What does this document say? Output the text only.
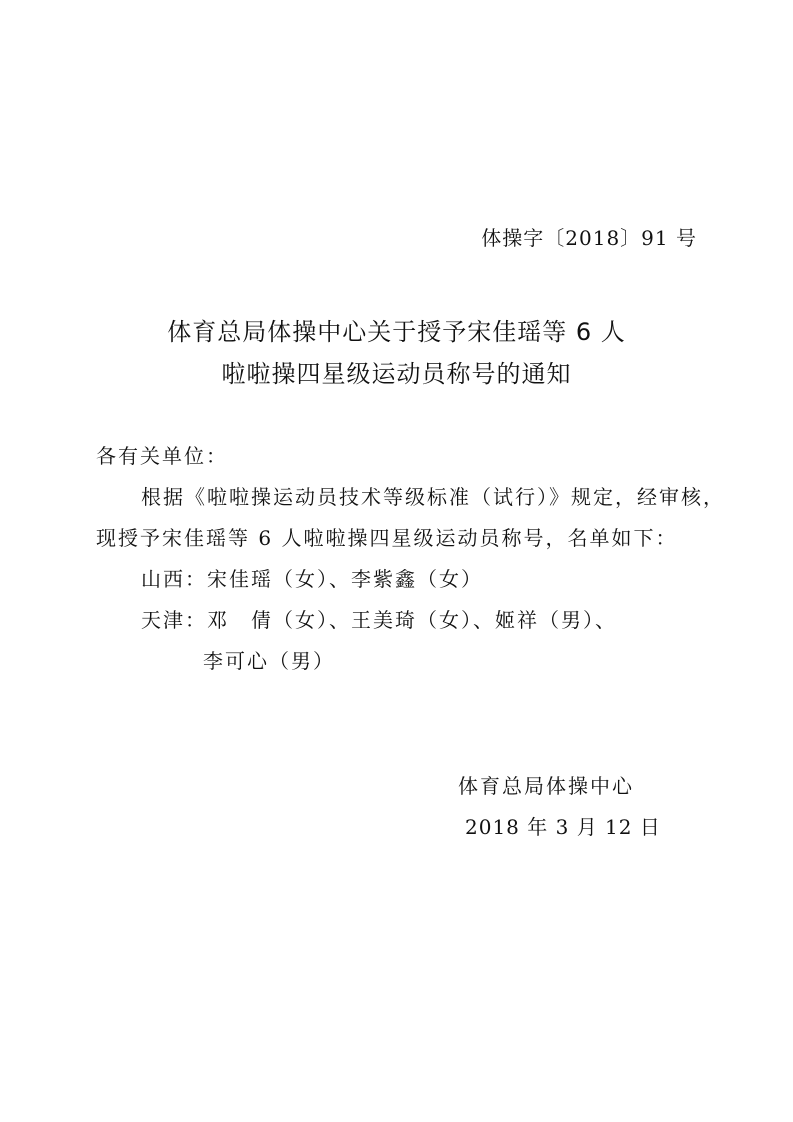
体操字〔2018〕91 号
体育总局体操中心关于授予宋佳瑶等 6 人
啦啦操四星级运动员称号的通知
各有关单位：
根据《啦啦操运动员技术等级标准（试行）》规定，经审核，
现授予宋佳瑶等 6 人啦啦操四星级运动员称号，名单如下：
山西：宋佳瑶（女）、李紫鑫（女）
天津：邓　倩（女）、王美琦（女）、姬祥（男）、
李可心（男）
体育总局体操中心
2018 年 3 月 12 日
